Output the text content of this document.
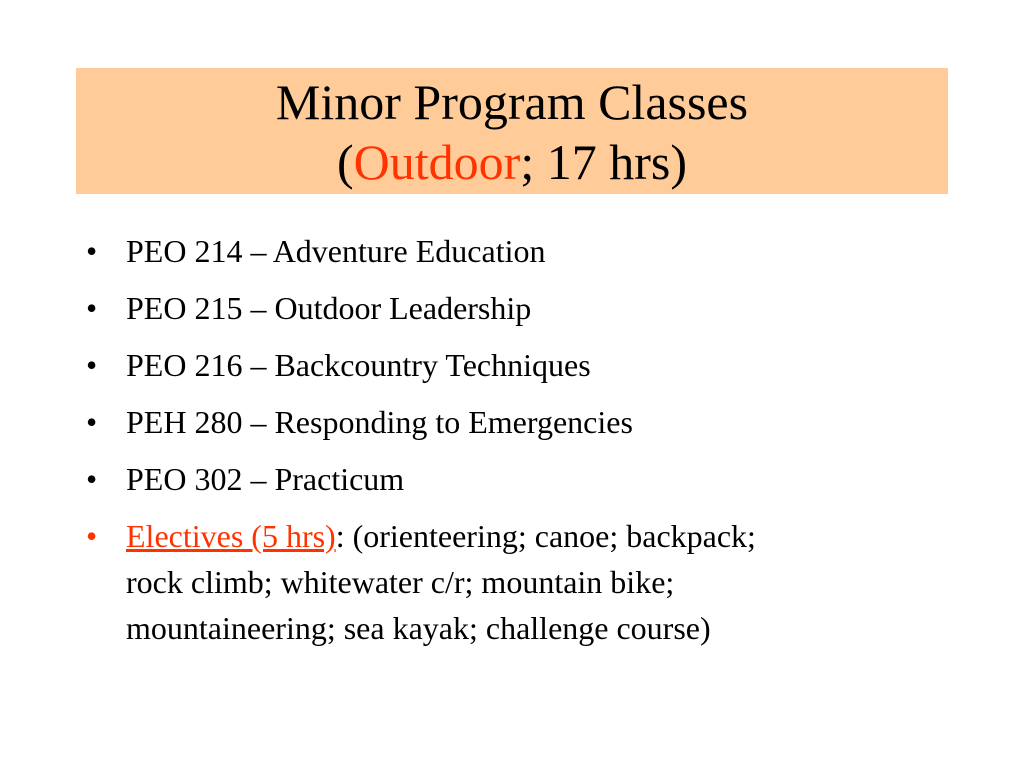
Minor Program Classes
(Outdoor; 17 hrs)
• PEO 214 – Adventure Education
• PEO 215 – Outdoor Leadership
• PEO 216 – Backcountry Techniques
• PEH 280 – Responding to Emergencies
• PEO 302 – Practicum
• Electives (5 hrs): (orienteering; canoe; backpack;
rock climb; whitewater c/r; mountain bike;
mountaineering; sea kayak; challenge course)
